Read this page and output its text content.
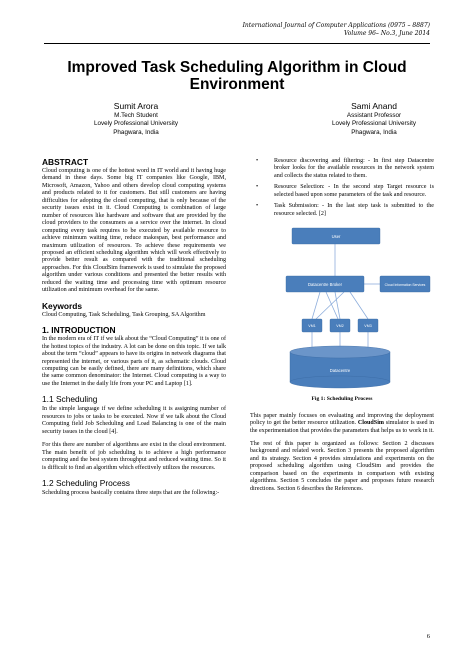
International Journal of Computer Applications (0975 – 8887)
Volume 96– No.3, June 2014
Improved Task Scheduling Algorithm in Cloud Environment
Sumit Arora
M.Tech Student
Lovely Professional University
Phagwara, India
Sami Anand
Assistant Professor
Lovely Professional University
Phagwara, India
ABSTRACT
Cloud computing is one of the hottest word in IT world and it having huge demand in these days. Some big IT companies like Google, IBM, Microsoft, Amazon, Yahoo and others develop cloud computing systems and products related to it for customers. But still customers are having difficulties for adopting the cloud computing, that is only because of the security issues exist in it. Cloud Computing is combination of large number of resources like hardware and software that are provided by the cloud providers to the consumers as a service over the internet. In cloud computing every task requires to be executed by available resource to achieve minimum waiting time, reduce makespan, best performance and maximum utilization of resources. To achieve these requirements we proposed an efficient scheduling algorithm which will work effectively to provide better result as compared with the traditional scheduling approaches. For this CloudSim framework is used to simulate the proposed algorithm under various conditions and presented the better results with reduced the waiting time and processing time with optimum resource utilization and minimum overhead for the same.
Keywords
Cloud Computing, Task Scheduling, Task Grouping, SA Algorithm
1. INTRODUCTION
In the modern era of IT if we talk about the “Cloud Computing” it is one of the hottest topics of the industry. A lot can be done on this topic. If we talk about the term “cloud” appears to have its origins in network diagrams that represented the internet, or various parts of it, as schematic clouds. Cloud computing can be easily defined, there are many definitions, which share the same common denominator: the Internet. Cloud computing is a way to use the Internet in the daily life from your PC and Laptop [1].
1.1 Scheduling
In the simple language if we define scheduling it is assigning number of resources to jobs or tasks to be executed. Now if we talk about the Cloud Computing field Job Scheduling and Load Balancing is one of the main security issues in the cloud [4].
For this there are number of algorithms are exist in the cloud environment. The main benefit of job scheduling is to achieve a high performance computing and the best system throughput and reduced waiting time. So it is difficult to find an algorithm which effectively utilizes the resources.
1.2 Scheduling Process
Scheduling process basically contains three steps that are the following:-
•	Resource discovering and filtering: - In first step Datacentre broker looks for the available resources in the network system and collects the status related to them.
•	Resource Selection: - In the second step Target resource is selected based upon some parameters of the task and resource.
•	Task Submission: - In the last step task is submitted to the resource selected. [2]
User
Datacentre Broker	Cloud Information Services
VM1	VM2	VM3
Datacentre
Fig 1: Scheduling Process
This paper mainly focuses on evaluating and improving the deployment policy to get the better resource utilization. CloudSim simulator is used in the experimentation that provides the parameters that helps us to work in it.
The rest of this paper is organized as follows: Section 2 discusses background and related work. Section 3 presents the proposed algorithm and its strategy. Section 4 provides simulations and experiments on the proposed scheduling algorithm using CloudSim and provides the comparison based on the experiments in comparison with existing algorithms. Section 5 concludes the paper and proposes future research directions. Section 6 describes the References.
6
